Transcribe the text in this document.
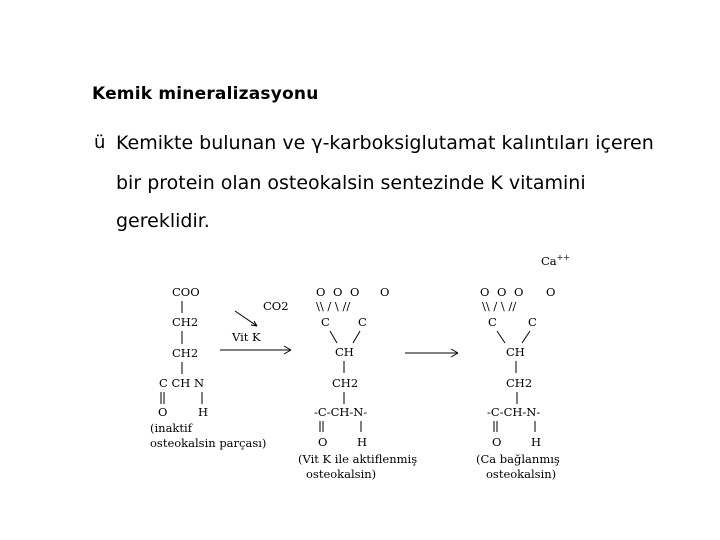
Kemik mineralizasyonu
ü Kemikte bulunan ve γ-karboksiglutamat kalıntıları içeren
bir protein olan osteokalsin sentezinde K vitamini
gereklidir.
Ca++
COO
CH2
CH2
C CH N
O	H
(inaktif
osteokalsin parçası)
CO2
Vit K
O O O O
\\ / \ //
C C
CH
CH2
-C-CH-N-
O	H
(Vit K ile aktiflenmiş
osteokalsin)
O O O O
\\ / \ //
C	C
CH
CH2
-C-CH-N-
O	H
(Ca bağlanmış
osteokalsin)
